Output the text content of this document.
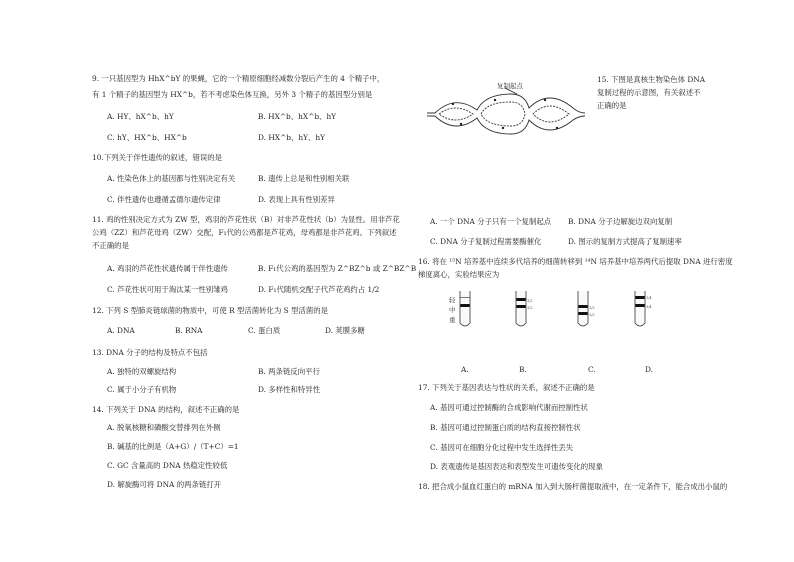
9. 一只基因型为 HhX^bY 的果蝇，它的一个精原细胞经减数分裂后产生的 4 个精子中，
有 1 个精子的基因型为 HX^b，若不考虑染色体互换，另外 3 个精子的基因型分别是
A. HY、hX^b、hY	B. HX^b、hX^b、hY
C. hY、HX^b、HX^b	D. HX^b、hY、hY
10.下列关于伴性遗传的叙述，错误的是
A. 性染色体上的基因都与性别决定有关	B. 遗传上总是和性别相关联
C. 伴性遗传也遵循孟德尔遗传定律	D. 表现上具有性别差异
11. 鸡的性别决定方式为 ZW 型，鸡羽的芦花性状（B）对非芦花性状（b）为显性。用非芦花
公鸡（ZZ）和芦花母鸡（ZW）交配，F₁代的公鸡都是芦花鸡，母鸡都是非芦花鸡。下列叙述
不正确的是
A. 鸡羽的芦花性状遗传属于伴性遗传	B. F₁代公鸡的基因型为 Z^BZ^b 或 Z^BZ^B
C. 芦花性状可用于淘汰某一性别雏鸡	D. F₁代随机交配子代芦花鸡约占 1/2
12. 下列 S 型肺炎链球菌的物质中，可使 R 型活菌转化为 S 型活菌的是
A. DNA	B. RNA	C. 蛋白质	D. 荚膜多糖
13. DNA 分子的结构及特点不包括
A. 独特的双螺旋结构	B. 两条链反向平行
C. 属于小分子有机物	D. 多样性和特异性
14. 下列关于 DNA 的结构，叙述不正确的是
A. 脱氧核糖和磷酸交替排列在外侧
B. 碱基的比例是（A+G）/（T+C）=1
C. GC 含量高的 DNA 热稳定性较低
D. 解旋酶可将 DNA 的两条链打开
复制起点
15. 下图是真核生物染色体 DNA
复制过程的示意图，有关叙述不
正确的是
A. 一个 DNA 分子只有一个复制起点 B. DNA 分子边解旋边双向复制
C. DNA 分子复制过程需要酶催化	D. 图示的复制方式提高了复制速率
16. 将在 ¹⁵N 培养基中连续多代培养的细菌转移到 ¹⁴N 培养基中培养两代后提取 DNA 进行密度
梯度离心，实验结果应为
轻
中
重
1/2
1/2	1/2
1/2
1/4
3/4
A.	B.	C.	D.
17. 下列关于基因表达与性状的关系，叙述不正确的是
A. 基因可通过控制酶的合成影响代谢而控制性状
B. 基因可通过控制蛋白质的结构直接控制性状
C. 基因可在细胞分化过程中发生选择性丢失
D. 表观遗传是基因表达和表型发生可遗传变化的现象
18. 把合成小鼠血红蛋白的 mRNA 加入到大肠杆菌提取液中，在一定条件下，能合成出小鼠的
